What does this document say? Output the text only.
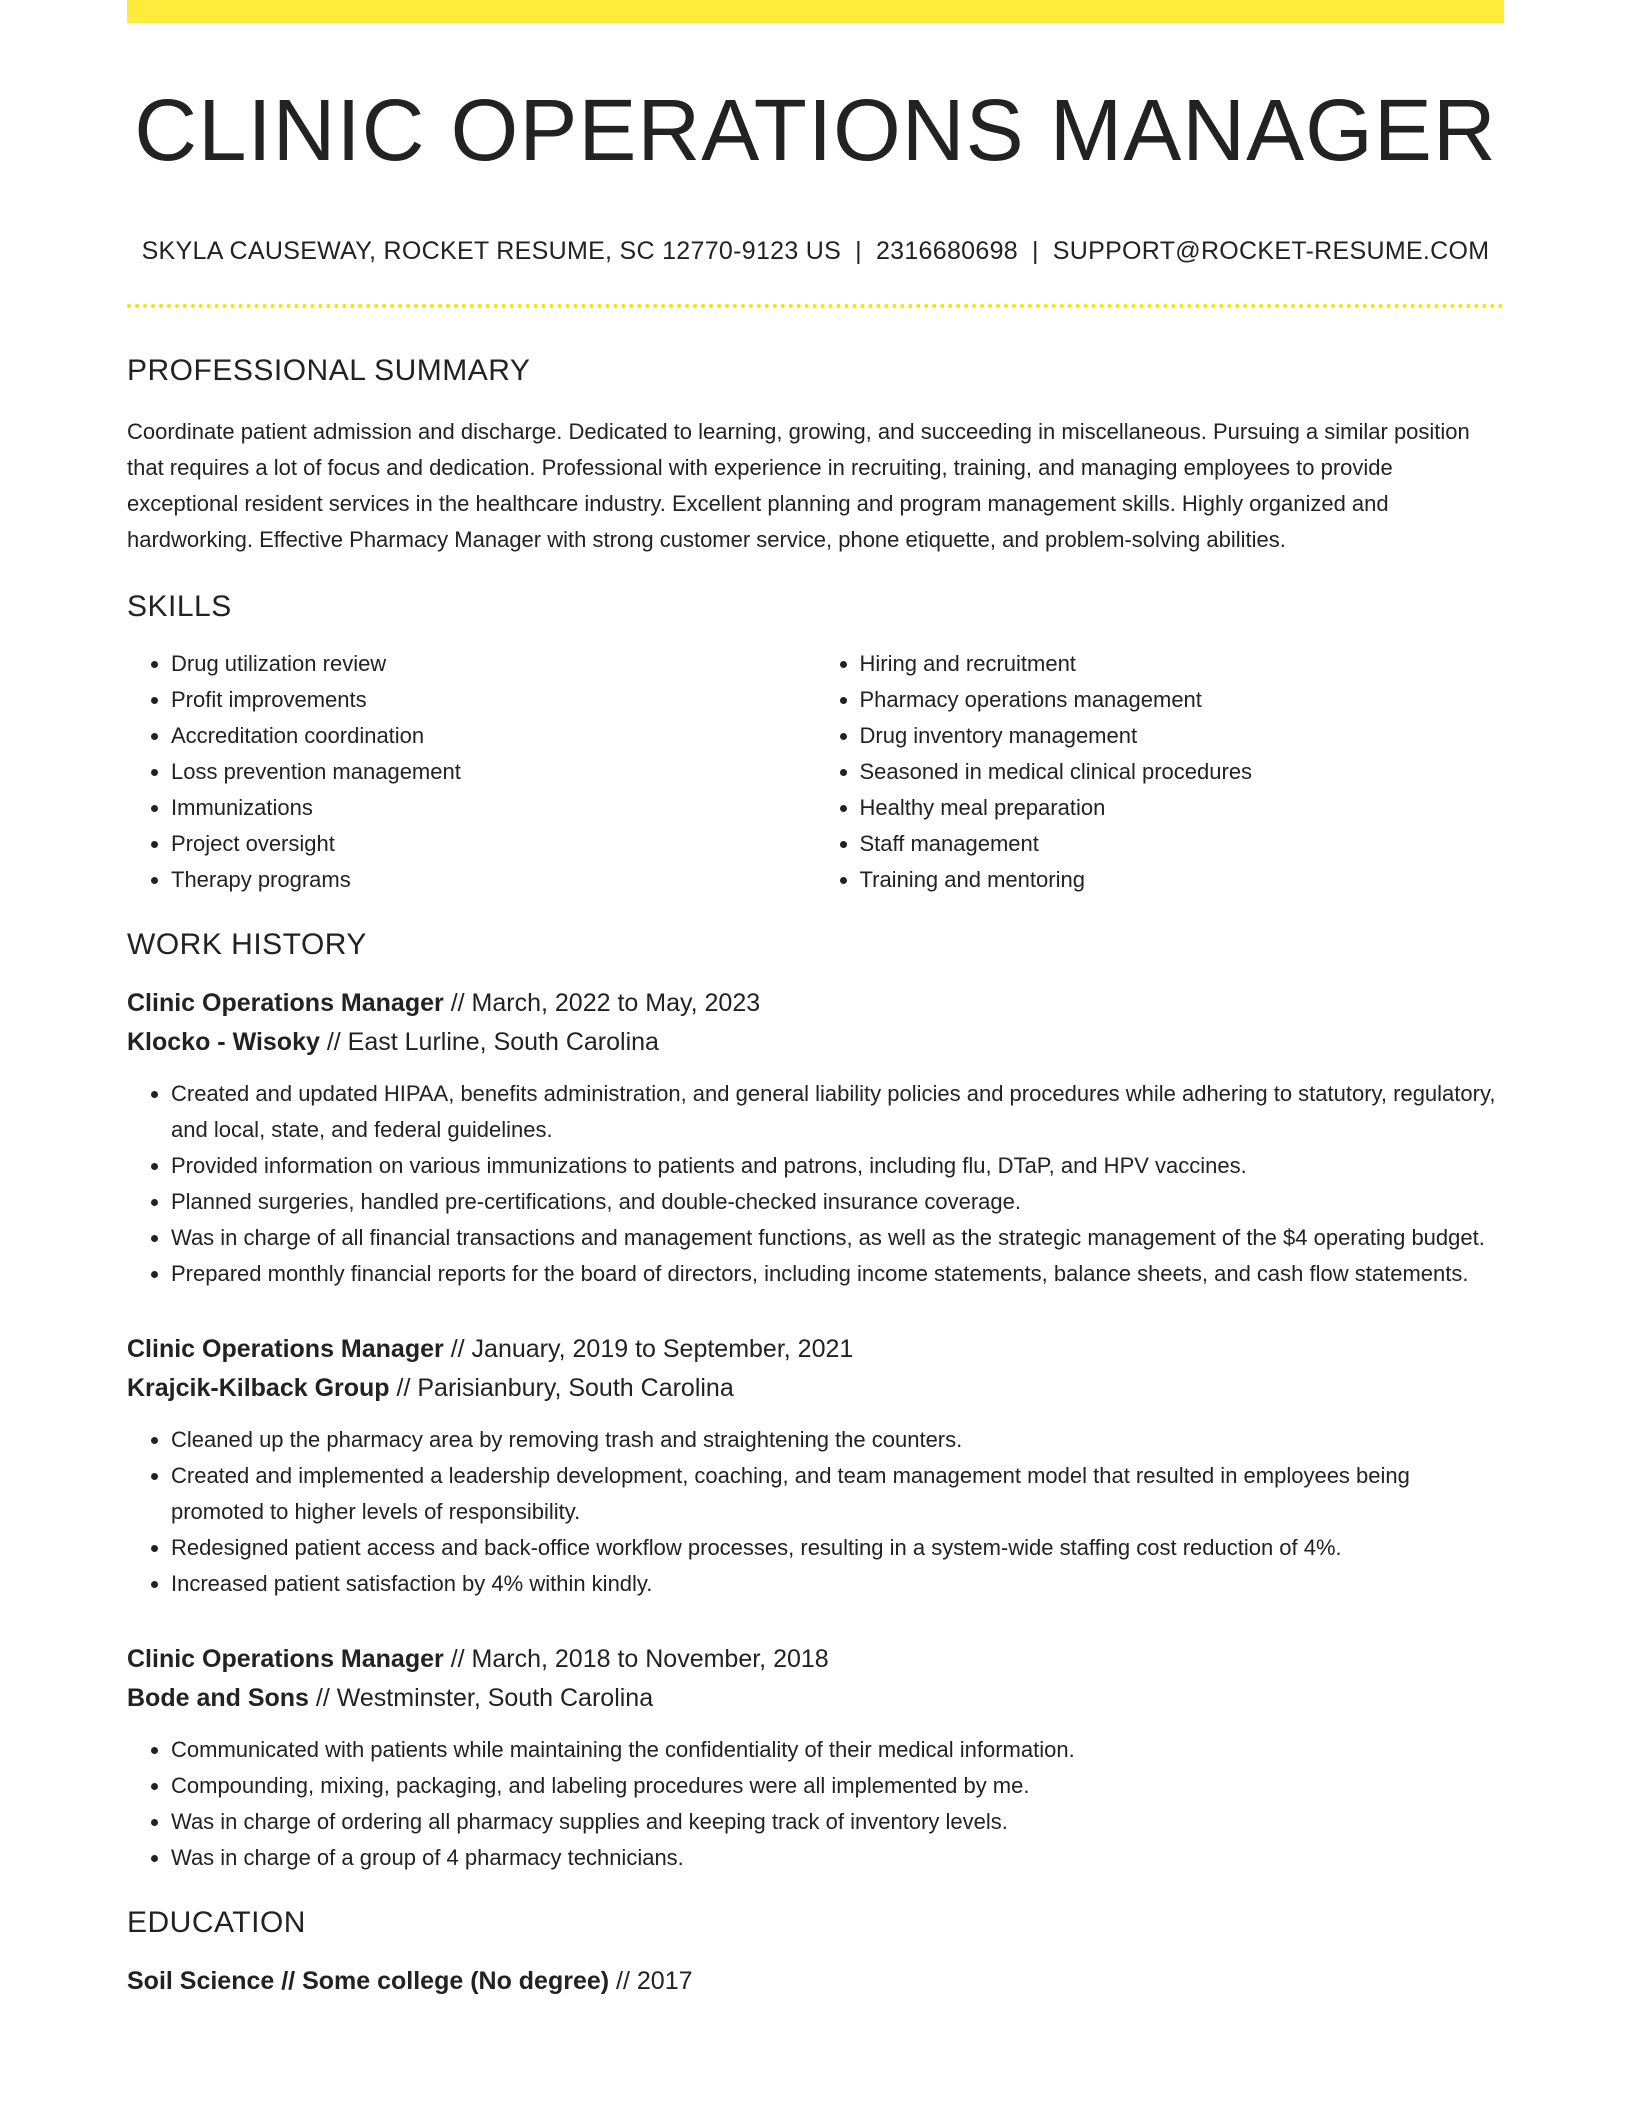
CLINIC OPERATIONS MANAGER
SKYLA CAUSEWAY, ROCKET RESUME, SC 12770-9123 US | 2316680698 | SUPPORT@ROCKET-RESUME.COM
PROFESSIONAL SUMMARY

Coordinate patient admission and discharge. Dedicated to learning, growing, and succeeding in miscellaneous. Pursuing a similar position that requires a lot of focus and dedication. Professional with experience in recruiting, training, and managing employees to provide exceptional resident services in the healthcare industry. Excellent planning and program management skills. Highly organized and hardworking. Effective Pharmacy Manager with strong customer service, phone etiquette, and problem-solving abilities.

SKILLS
• Drug utilization review
• Profit improvements
• Accreditation coordination
• Loss prevention management
• Immunizations
• Project oversight
• Therapy programs
• Hiring and recruitment
• Pharmacy operations management
• Drug inventory management
• Seasoned in medical clinical procedures
• Healthy meal preparation
• Staff management
• Training and mentoring
WORK HISTORY
Clinic Operations Manager // March, 2022 to May, 2023
Klocko - Wisoky // East Lurline, South Carolina
• Created and updated HIPAA, benefits administration, and general liability policies and procedures while adhering to statutory, regulatory, and local, state, and federal guidelines.
• Provided information on various immunizations to patients and patrons, including flu, DTaP, and HPV vaccines.
• Planned surgeries, handled pre-certifications, and double-checked insurance coverage.
• Was in charge of all financial transactions and management functions, as well as the strategic management of the $4 operating budget.
• Prepared monthly financial reports for the board of directors, including income statements, balance sheets, and cash flow statements.
Clinic Operations Manager // January, 2019 to September, 2021
Krajcik-Kilback Group // Parisianbury, South Carolina
• Cleaned up the pharmacy area by removing trash and straightening the counters.
• Created and implemented a leadership development, coaching, and team management model that resulted in employees being promoted to higher levels of responsibility.
• Redesigned patient access and back-office workflow processes, resulting in a system-wide staffing cost reduction of 4%.
• Increased patient satisfaction by 4% within kindly.
Clinic Operations Manager // March, 2018 to November, 2018
Bode and Sons // Westminster, South Carolina
• Communicated with patients while maintaining the confidentiality of their medical information.
• Compounding, mixing, packaging, and labeling procedures were all implemented by me.
• Was in charge of ordering all pharmacy supplies and keeping track of inventory levels.
• Was in charge of a group of 4 pharmacy technicians.
EDUCATION
Soil Science // Some college (No degree) // 2017
